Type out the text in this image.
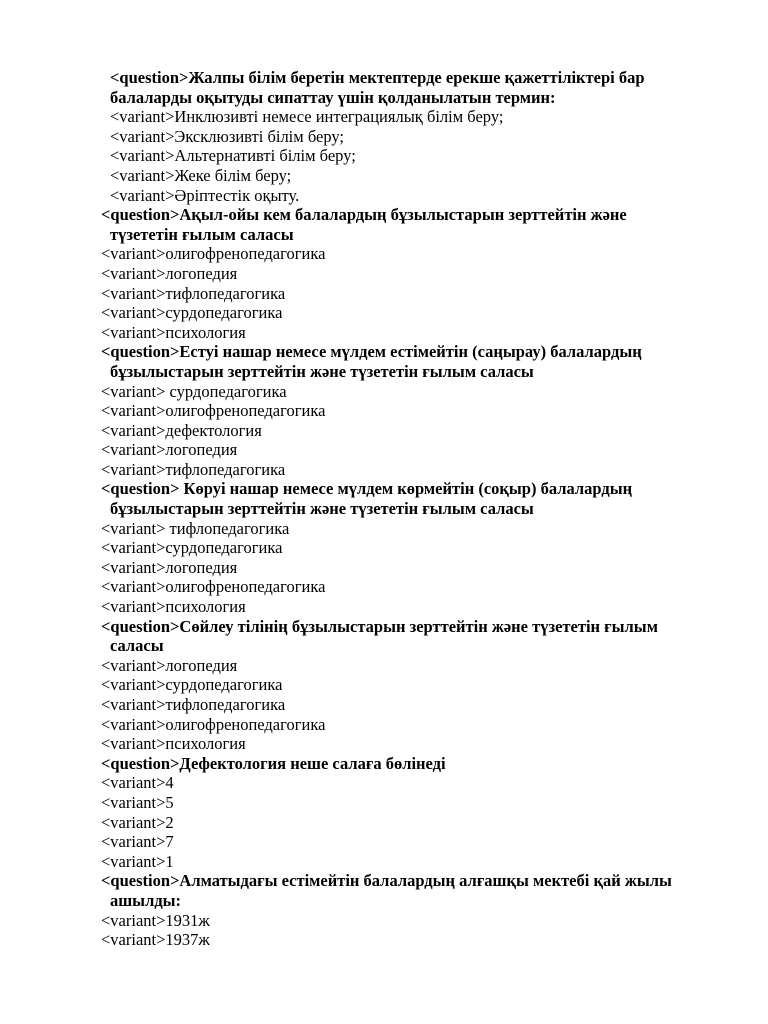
<question>Жалпы білім беретін мектептерде ерекше қажеттіліктері бар
балаларды оқытуды сипаттау үшін қолданылатын термин:
<variant>Инклюзивті немесе интеграциялық білім беру;
<variant>Эксклюзивті білім беру;
<variant>Альтернативті білім беру;
<variant>Жеке білім беру;
<variant>Әріптестік оқыту.
<question>Ақыл-ойы кем балалардың бұзылыстарын зерттейтін және
түзететін ғылым саласы
<variant>олигофренопедагогика
<variant>логопедия
<variant>тифлопедагогика
<variant>сурдопедагогика
<variant>психология
<question>Естуі нашар немесе мүлдем естімейтін (саңырау) балалардың
бұзылыстарын зерттейтін және түзететін ғылым саласы
<variant> сурдопедагогика
<variant>олигофренопедагогика
<variant>дефектология
<variant>логопедия
<variant>тифлопедагогика
<question> Көруі нашар немесе мүлдем көрмейтін (соқыр) балалардың
бұзылыстарын зерттейтін және түзететін ғылым саласы
<variant> тифлопедагогика
<variant>сурдопедагогика
<variant>логопедия
<variant>олигофренопедагогика
<variant>психология
<question>Сөйлеу тілінің бұзылыстарын зерттейтін және түзететін ғылым
саласы
<variant>логопедия
<variant>сурдопедагогика
<variant>тифлопедагогика
<variant>олигофренопедагогика
<variant>психология
<question>Дефектология неше салаға бөлінеді
<variant>4
<variant>5
<variant>2
<variant>7
<variant>1
<question>Алматыдағы естімейтін балалардың алғашқы мектебі қай жылы
ашылды:
<variant>1931ж
<variant>1937ж
